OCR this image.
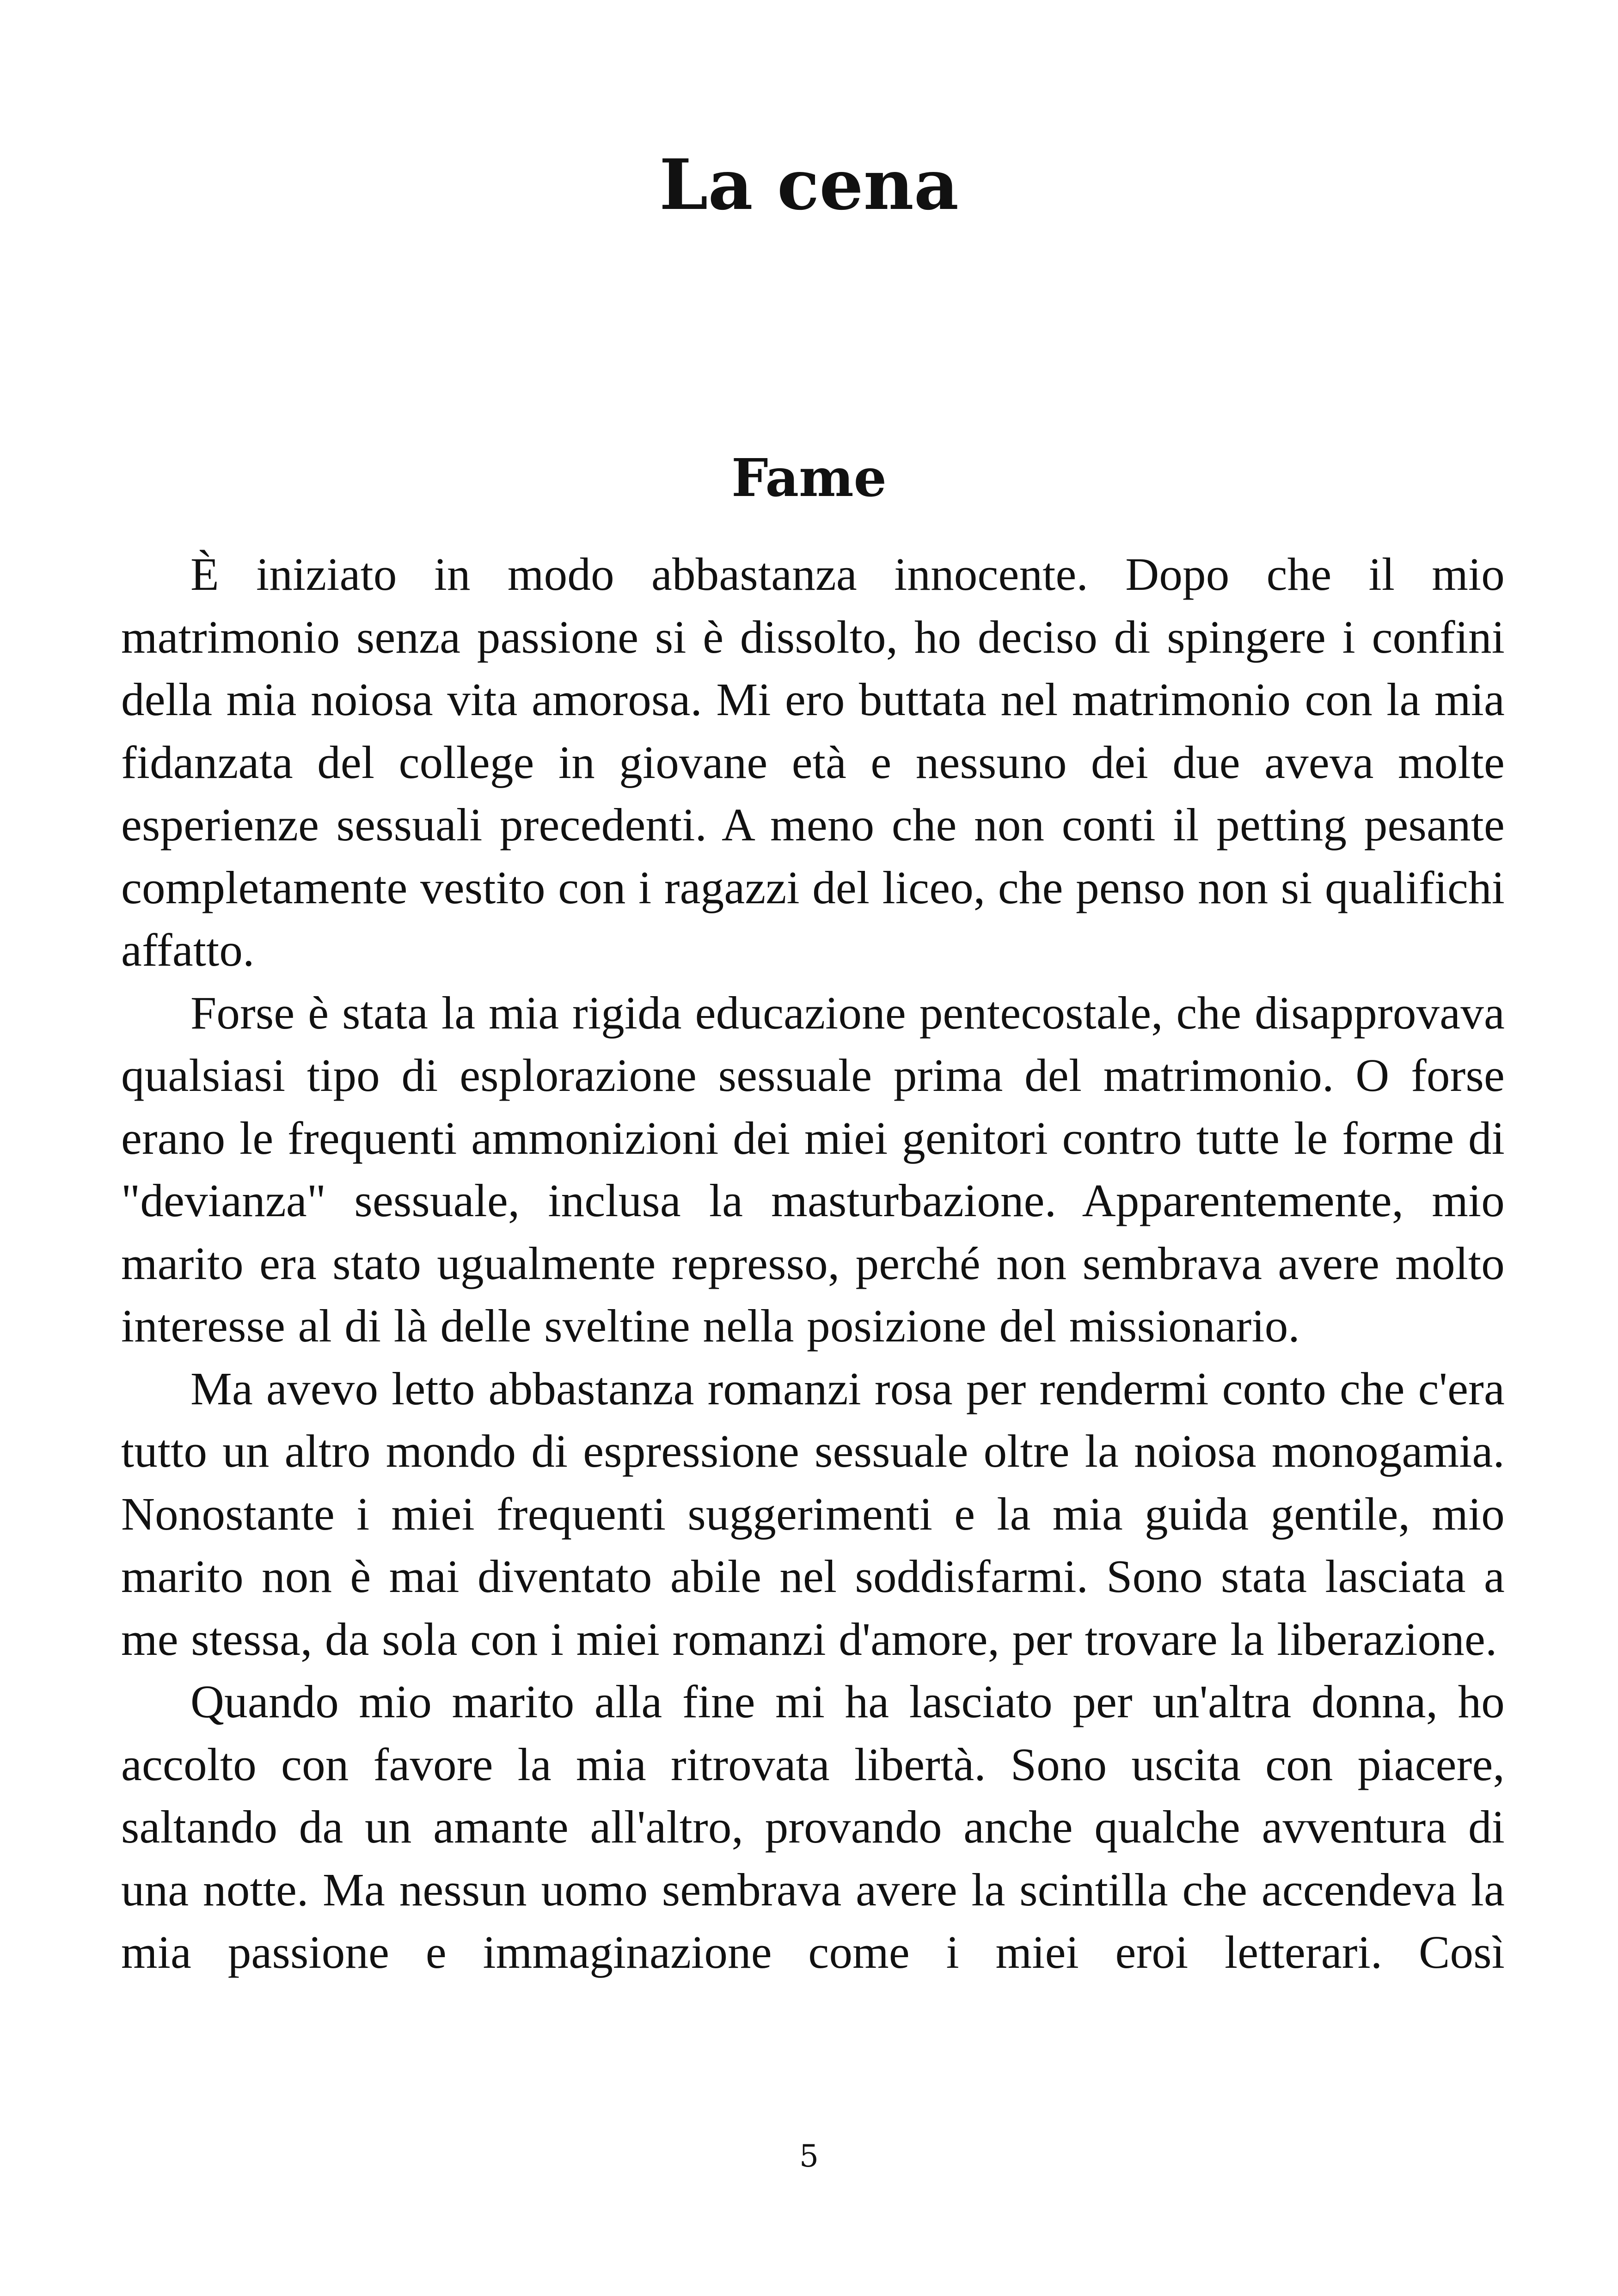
La cena
Fame

È iniziato in modo abbastanza innocente. Dopo che il mio matrimonio senza passione si è dissolto, ho deciso di spingere i confini della mia noiosa vita amorosa. Mi ero buttata nel matrimonio con la mia fidanzata del college in giovane età e nessuno dei due aveva molte esperienze sessuali precedenti. A meno che non conti il petting pesante completamente vestito con i ragazzi del liceo, che penso non si qualifichi affatto.

Forse è stata la mia rigida educazione pentecostale, che disapprovava qualsiasi tipo di esplorazione sessuale prima del matrimonio. O forse erano le frequenti ammonizioni dei miei genitori contro tutte le forme di "devianza" sessuale, inclusa la masturbazione. Apparentemente, mio marito era stato ugualmente represso, perché non sembrava avere molto interesse al di là delle sveltine nella posizione del missionario.

Ma avevo letto abbastanza romanzi rosa per rendermi conto che c'era tutto un altro mondo di espressione sessuale oltre la noiosa monogamia. Nonostante i miei frequenti suggerimenti e la mia guida gentile, mio marito non è mai diventato abile nel soddisfarmi. Sono stata lasciata a me stessa, da sola con i miei romanzi d'amore, per trovare la liberazione.

Quando mio marito alla fine mi ha lasciato per un'altra donna, ho accolto con favore la mia ritrovata libertà. Sono uscita con piacere, saltando da un amante all'altro, provando anche qualche avventura di una notte. Ma nessun uomo sembrava avere la scintilla che accendeva la mia passione e immaginazione come i miei eroi letterari. Così

5
